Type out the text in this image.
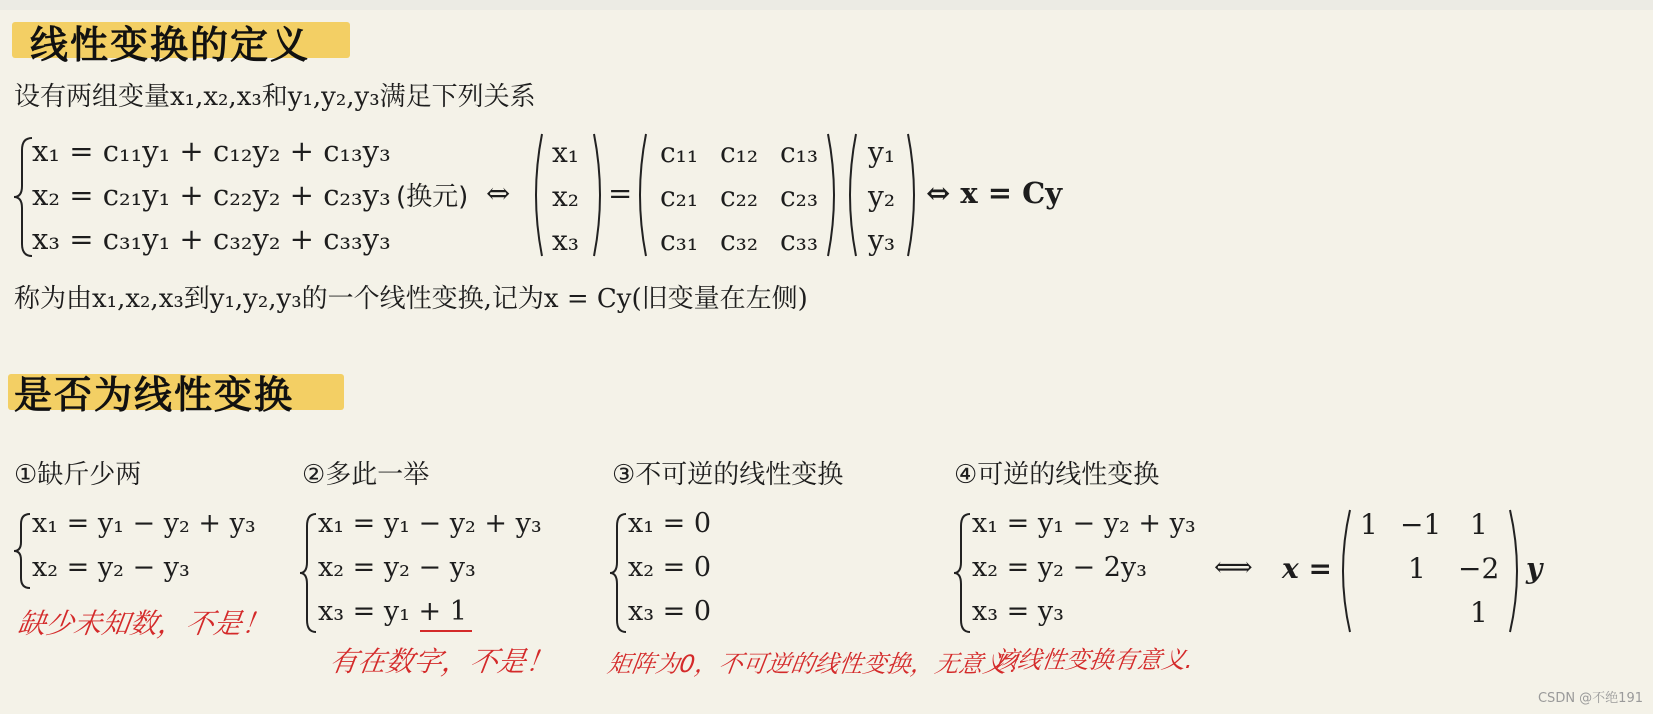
线性变换的定义
设有两组变量x₁,x₂,x₃和y₁,y₂,y₃满足下列关系
x₁ = c₁₁y₁ + c₁₂y₂ + c₁₃y₃
x₂ = c₂₁y₁ + c₂₂y₂ + c₂₃y₃
x₃ = c₃₁y₁ + c₃₂y₂ + c₃₃y₃
(换元) ⇔
x₁
x₂
x₃
=
c₁₁ c₁₂ c₁₃
c₂₁ c₂₂ c₂₃
c₃₁ c₃₂ c₃₃
y₁
y₂
y₃
⇔ x = Cy
称为由x₁,x₂,x₃到y₁,y₂,y₃的一个线性变换,记为x = Cy(旧变量在左侧)
是否为线性变换
①缺斤少两
x₁ = y₁ − y₂ + y₃
x₂ = y₂ − y₃
缺少未知数，不是！
②多此一举
x₁ = y₁ − y₂ + y₃
x₂ = y₂ − y₃
x₃ = y₁ + 1
有在数字，不是！
③不可逆的线性变换
x₁ = 0
x₂ = 0
x₃ = 0
矩阵为0，不可逆的线性变换，无意义！
④可逆的线性变换
x₁ = y₁ − y₂ + y₃
x₂ = y₂ − 2y₃
x₃ = y₃
⟺ x =
1 −1 1
1 −2
1
y
该线性变换有意义.
CSDN @不绝191
